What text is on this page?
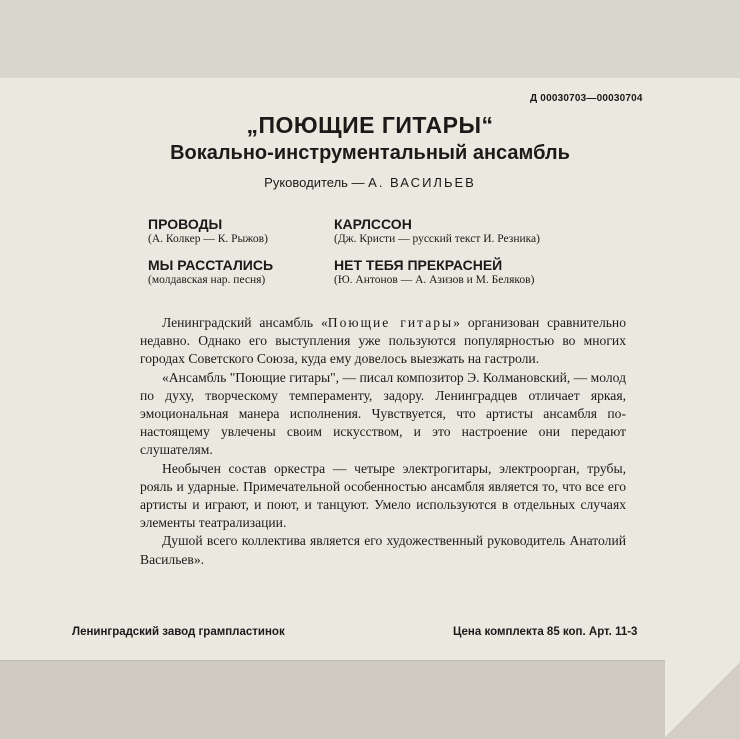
Д 00030703—00030704
„ПОЮЩИЕ ГИТАРЫ“
Вокально-инструментальный ансамбль
Руководитель — А. ВАСИЛЬЕВ
ПРОВОДЫ
(А. Колкер — К. Рыжов)
КАРЛССОН
(Дж. Кристи — русский текст И. Резника)
МЫ РАССТАЛИСЬ
(молдавская нар. песня)
НЕТ ТЕБЯ ПРЕКРАСНЕЙ
(Ю. Антонов — А. Азизов и М. Беляков)

Ленинградский ансамбль «Поющие гитары» организован сравнительно недавно. Однако его выступления уже пользуются популярностью во многих городах Советского Союза, куда ему довелось выезжать на гастроли.

«Ансамбль "Поющие гитары", — писал композитор Э. Колмановский, — молод по духу, творческому темпераменту, задору. Ленинградцев отличает яркая, эмоциональная манера исполнения. Чувствуется, что артисты ансамбля по-настоящему увлечены своим искусством, и это настроение они передают слушателям.

Необычен состав оркестра — четыре электрогитары, электроорган, трубы, рояль и ударные. Примечательной особенностью ансамбля является то, что все его артисты и играют, и поют, и танцуют. Умело используются в отдельных случаях элементы театрализации.

Душой всего коллектива является его художественный руководитель Анатолий Васильев».

Ленинградский завод грампластинок	Цена комплекта 85 коп. Арт. 11-3
